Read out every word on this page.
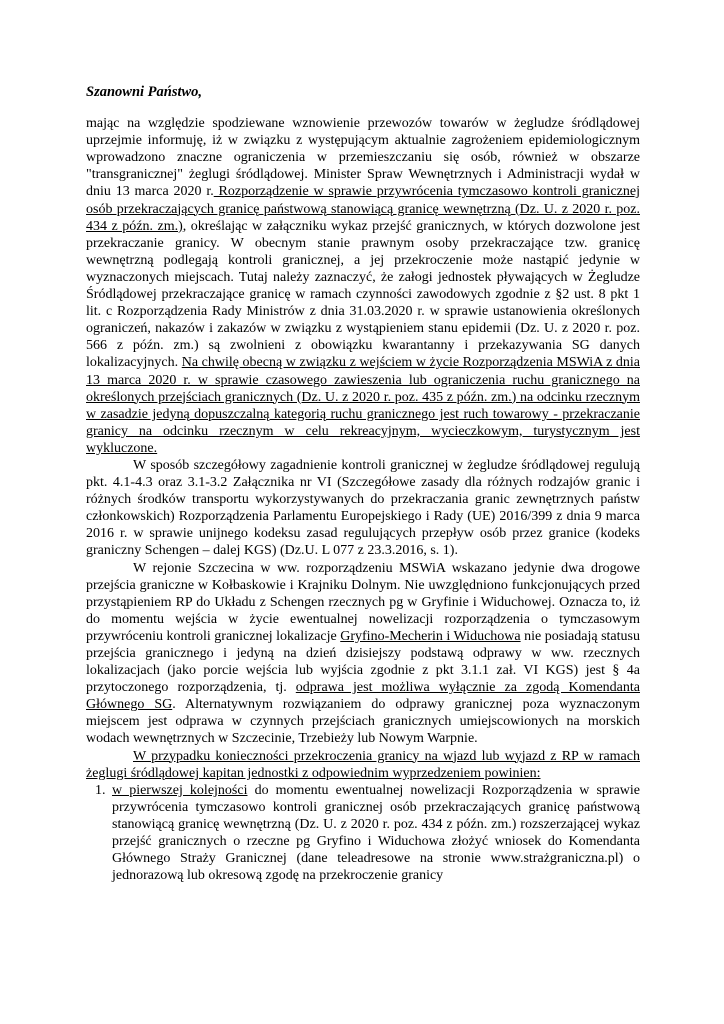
Szanowni Państwo,

mając na względzie spodziewane wznowienie przewozów towarów w żegludze śródlądowej uprzejmie informuję, iż w związku z występującym aktualnie zagrożeniem epidemiologicznym wprowadzono znaczne ograniczenia w przemieszczaniu się osób, również w obszarze "transgranicznej" żeglugi śródlądowej. Minister Spraw Wewnętrznych i Administracji wydał w dniu 13 marca 2020 r. Rozporządzenie w sprawie przywrócenia tymczasowo kontroli granicznej osób przekraczających granicę państwową stanowiącą granicę wewnętrzną (Dz. U. z 2020 r. poz. 434 z późn. zm.), określając w załączniku wykaz przejść granicznych, w których dozwolone jest przekraczanie granicy. W obecnym stanie prawnym osoby przekraczające tzw. granicę wewnętrzną podlegają kontroli granicznej, a jej przekroczenie może nastąpić jedynie w wyznaczonych miejscach. Tutaj należy zaznaczyć, że załogi jednostek pływających w Żegludze Śródlądowej przekraczające granicę w ramach czynności zawodowych zgodnie z §2 ust. 8 pkt 1 lit. c Rozporządzenia Rady Ministrów z dnia 31.03.2020 r. w sprawie ustanowienia określonych ograniczeń, nakazów i zakazów w związku z wystąpieniem stanu epidemii (Dz. U. z 2020 r. poz. 566 z późn. zm.) są zwolnieni z obowiązku kwarantanny i przekazywania SG danych lokalizacyjnych. Na chwilę obecną w związku z wejściem w życie Rozporządzenia MSWiA z dnia 13 marca 2020 r. w sprawie czasowego zawieszenia lub ograniczenia ruchu granicznego na określonych przejściach granicznych (Dz. U. z 2020 r. poz. 435 z późn. zm.) na odcinku rzecznym w zasadzie jedyną dopuszczalną kategorią ruchu granicznego jest ruch towarowy - przekraczanie granicy na odcinku rzecznym w celu rekreacyjnym, wycieczkowym, turystycznym jest wykluczone.

W sposób szczegółowy zagadnienie kontroli granicznej w żegludze śródlądowej regulują pkt. 4.1-4.3 oraz 3.1-3.2 Załącznika nr VI (Szczegółowe zasady dla różnych rodzajów granic i różnych środków transportu wykorzystywanych do przekraczania granic zewnętrznych państw członkowskich) Rozporządzenia Parlamentu Europejskiego i Rady (UE) 2016/399 z dnia 9 marca 2016 r. w sprawie unijnego kodeksu zasad regulujących przepływ osób przez granice (kodeks graniczny Schengen – dalej KGS) (Dz.U. L 077 z 23.3.2016, s. 1).

W rejonie Szczecina w ww. rozporządzeniu MSWiA wskazano jedynie dwa drogowe przejścia graniczne w Kołbaskowie i Krajniku Dolnym. Nie uwzględniono funkcjonujących przed przystąpieniem RP do Układu z Schengen rzecznych pg w Gryfinie i Widuchowej. Oznacza to, iż do momentu wejścia w życie ewentualnej nowelizacji rozporządzenia o tymczasowym przywróceniu kontroli granicznej lokalizacje Gryfino-Mecherin i Widuchowa nie posiadają statusu przejścia granicznego i jedyną na dzień dzisiejszy podstawą odprawy w ww. rzecznych lokalizacjach (jako porcie wejścia lub wyjścia zgodnie z pkt 3.1.1 zał. VI KGS) jest § 4a przytoczonego rozporządzenia, tj. odprawa jest możliwa wyłącznie za zgodą Komendanta Głównego SG. Alternatywnym rozwiązaniem do odprawy granicznej poza wyznaczonym miejscem jest odprawa w czynnych przejściach granicznych umiejscowionych na morskich wodach wewnętrznych w Szczecinie, Trzebieży lub Nowym Warpnie.

W przypadku konieczności przekroczenia granicy na wjazd lub wyjazd z RP w ramach żeglugi śródlądowej kapitan jednostki z odpowiednim wyprzedzeniem powinien:

1. w pierwszej kolejności do momentu ewentualnej nowelizacji Rozporządzenia w sprawie przywrócenia tymczasowo kontroli granicznej osób przekraczających granicę państwową stanowiącą granicę wewnętrzną (Dz. U. z 2020 r. poz. 434 z późn. zm.) rozszerzającej wykaz przejść granicznych o rzeczne pg Gryfino i Widuchowa złożyć wniosek do Komendanta Głównego Straży Granicznej (dane teleadresowe na stronie www.strażgraniczna.pl) o jednorazową lub okresową zgodę na przekroczenie granicy
